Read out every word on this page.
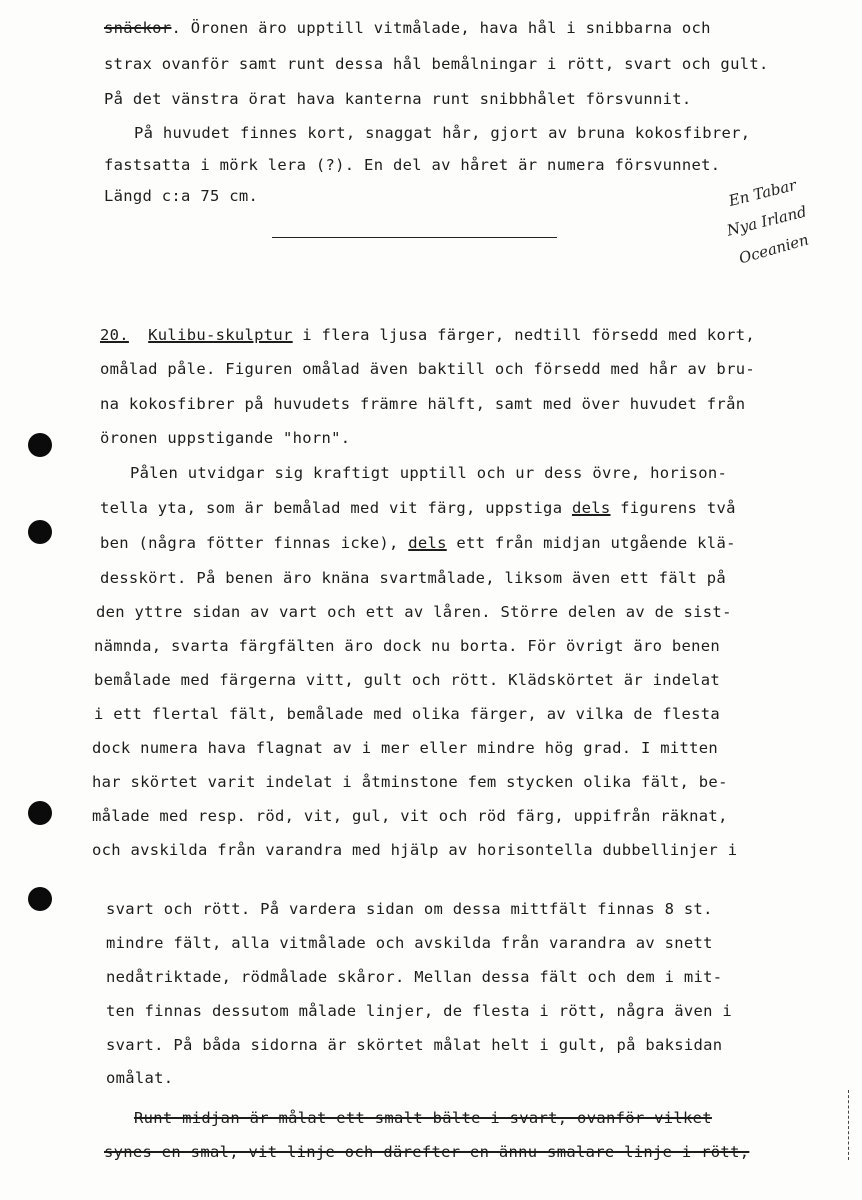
snäckor. Öronen äro upptill vitmålade, hava hål i snibbarna och
strax ovanför samt runt dessa hål bemålningar i rött, svart och gult.
På det vänstra örat hava kanterna runt snibbhålet försvunnit.
På huvudet finnes kort, snaggat hår, gjort av bruna kokosfibrer,
fastsatta i mörk lera (?). En del av håret är numera försvunnet.
Längd c:a 75 cm.	En Tabar
Nya Irland
Oceanien
20. Kulibu-skulptur i flera ljusa färger, nedtill försedd med kort,
omålad påle. Figuren omålad även baktill och försedd med hår av bru-
na kokosfibrer på huvudets främre hälft, samt med över huvudet från
öronen uppstigande "horn".
Pålen utvidgar sig kraftigt upptill och ur dess övre, horison-
tella yta, som är bemålad med vit färg, uppstiga dels figurens två
ben (några fötter finnas icke), dels ett från midjan utgående klä-
desskört. På benen äro knäna svartmålade, liksom även ett fält på
den yttre sidan av vart och ett av låren. Större delen av de sist-
nämnda, svarta färgfälten äro dock nu borta. För övrigt äro benen
bemålade med färgerna vitt, gult och rött. Klädskörtet är indelat
i ett flertal fält, bemålade med olika färger, av vilka de flesta
dock numera hava flagnat av i mer eller mindre hög grad. I mitten
har skörtet varit indelat i åtminstone fem stycken olika fält, be-
målade med resp. röd, vit, gul, vit och röd färg, uppifrån räknat,
och avskilda från varandra med hjälp av horisontella dubbellinjer i
svart och rött. På vardera sidan om dessa mittfält finnas 8 st.
mindre fält, alla vitmålade och avskilda från varandra av snett
nedåtriktade, rödmålade skåror. Mellan dessa fält och dem i mit-
ten finnas dessutom målade linjer, de flesta i rött, några även i
svart. På båda sidorna är skörtet målat helt i gult, på baksidan
omålat.
Runt midjan är målat ett smalt bälte i svart, ovanför vilket
synes en smal, vit linje och därefter en ännu smalare linje i rött,
